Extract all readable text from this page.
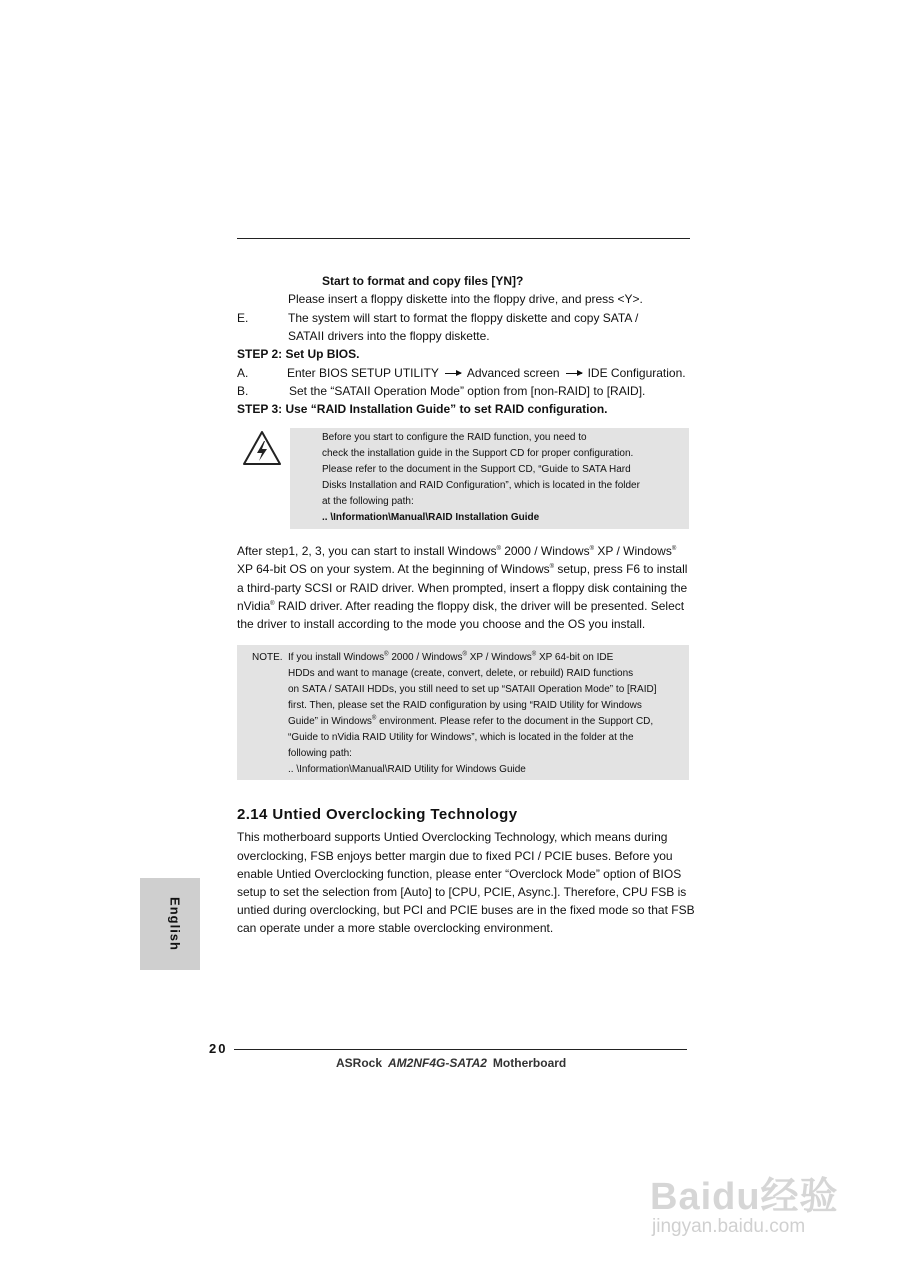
Start to format and copy files [YN]?
Please insert a floppy diskette into the floppy drive, and press <Y>.
E.	The system will start to format the floppy diskette and copy SATA /
SATAII drivers into the floppy diskette.
STEP 2: Set Up BIOS.
A.	Enter BIOS SETUP UTILITY Advanced screen IDE Configuration.
B.	Set the “SATAII Operation Mode” option from [non-RAID] to [RAID].
STEP 3: Use “RAID Installation Guide” to set RAID configuration.
Before you start to configure the RAID function, you need to
check the installation guide in the Support CD for proper configuration.
Please refer to the document in the Support CD, “Guide to SATA Hard
Disks Installation and RAID Configuration”, which is located in the folder
at the following path:
.. \Information\Manual\RAID Installation Guide
After step1, 2, 3, you can start to install Windows® 2000 / Windows® XP / Windows®
XP 64-bit OS on your system. At the beginning of Windows® setup, press F6 to install
a third-party SCSI or RAID driver. When prompted, insert a floppy disk containing the
nVidia® RAID driver. After reading the floppy disk, the driver will be presented. Select
the driver to install according to the mode you choose and the OS you install.
NOTE. If you install Windows® 2000 / Windows® XP / Windows® XP 64-bit on IDE
HDDs and want to manage (create, convert, delete, or rebuild) RAID functions
on SATA / SATAII HDDs, you still need to set up “SATAII Operation Mode” to [RAID]
first. Then, please set the RAID configuration by using “RAID Utility for Windows
Guide” in Windows® environment. Please refer to the document in the Support CD,
“Guide to nVidia RAID Utility for Windows”, which is located in the folder at the
following path:
.. \Information\Manual\RAID Utility for Windows Guide
2.14 Untied Overclocking Technology
This motherboard supports Untied Overclocking Technology, which means during
overclocking, FSB enjoys better margin due to fixed PCI / PCIE buses. Before you
enable Untied Overclocking function, please enter “Overclock Mode” option of BIOS
setup to set the selection from [Auto] to [CPU, PCIE, Async.]. Therefore, CPU FSB is
untied during overclocking, but PCI and PCIE buses are in the fixed mode so that FSB
can operate under a more stable overclocking environment.
English
20
ASRock AM2NF4G-SATA2 Motherboard
Baidu经验
jingyan.baidu.com
